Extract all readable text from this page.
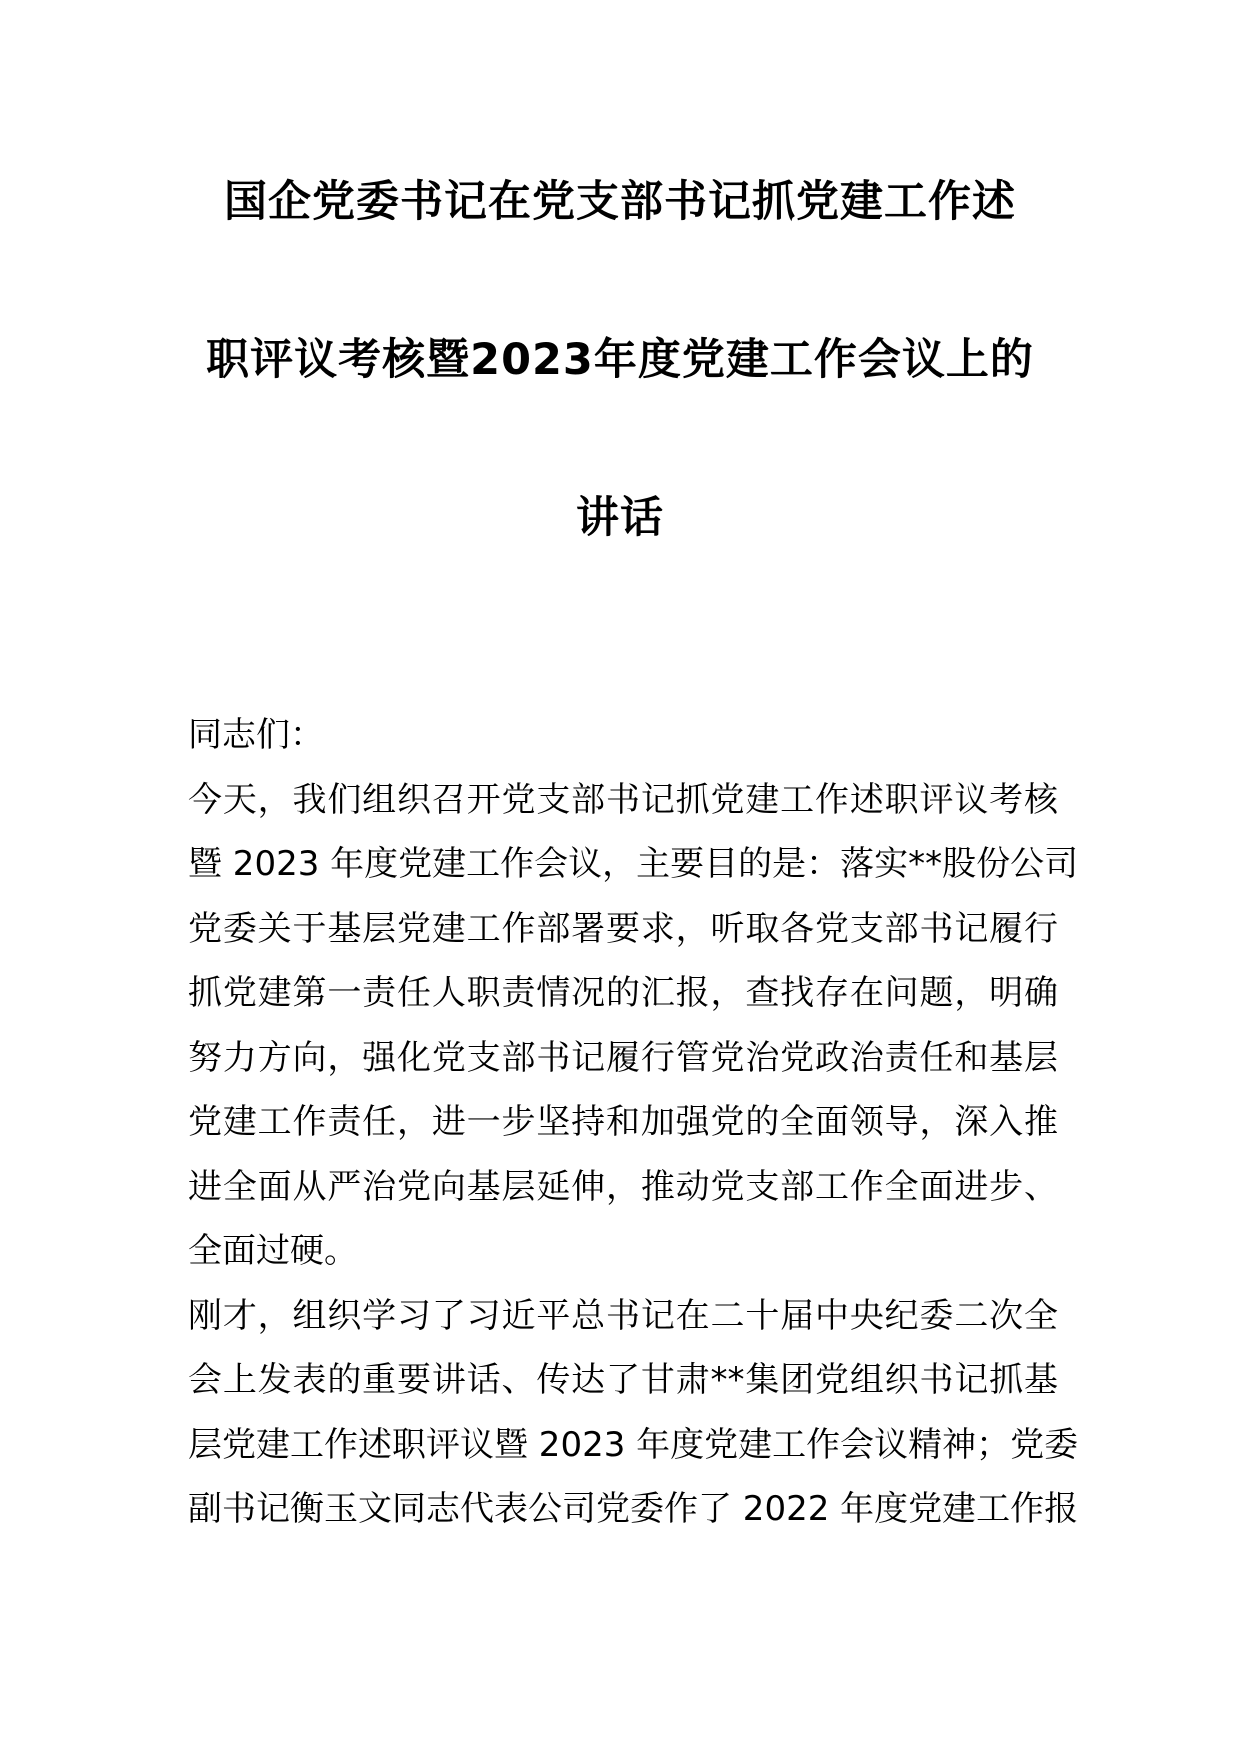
国企党委书记在党支部书记抓党建工作述
职评议考核暨2023年度党建工作会议上的
讲话
同志们：
今天，我们组织召开党支部书记抓党建工作述职评议考核
暨 2023 年度党建工作会议，主要目的是：落实**股份公司
党委关于基层党建工作部署要求，听取各党支部书记履行
抓党建第一责任人职责情况的汇报，查找存在问题，明确
努力方向，强化党支部书记履行管党治党政治责任和基层
党建工作责任，进一步坚持和加强党的全面领导，深入推
进全面从严治党向基层延伸，推动党支部工作全面进步、
全面过硬。
刚才，组织学习了习近平总书记在二十届中央纪委二次全
会上发表的重要讲话、传达了甘肃**集团党组织书记抓基
层党建工作述职评议暨 2023 年度党建工作会议精神；党委
副书记衡玉文同志代表公司党委作了 2022 年度党建工作报
